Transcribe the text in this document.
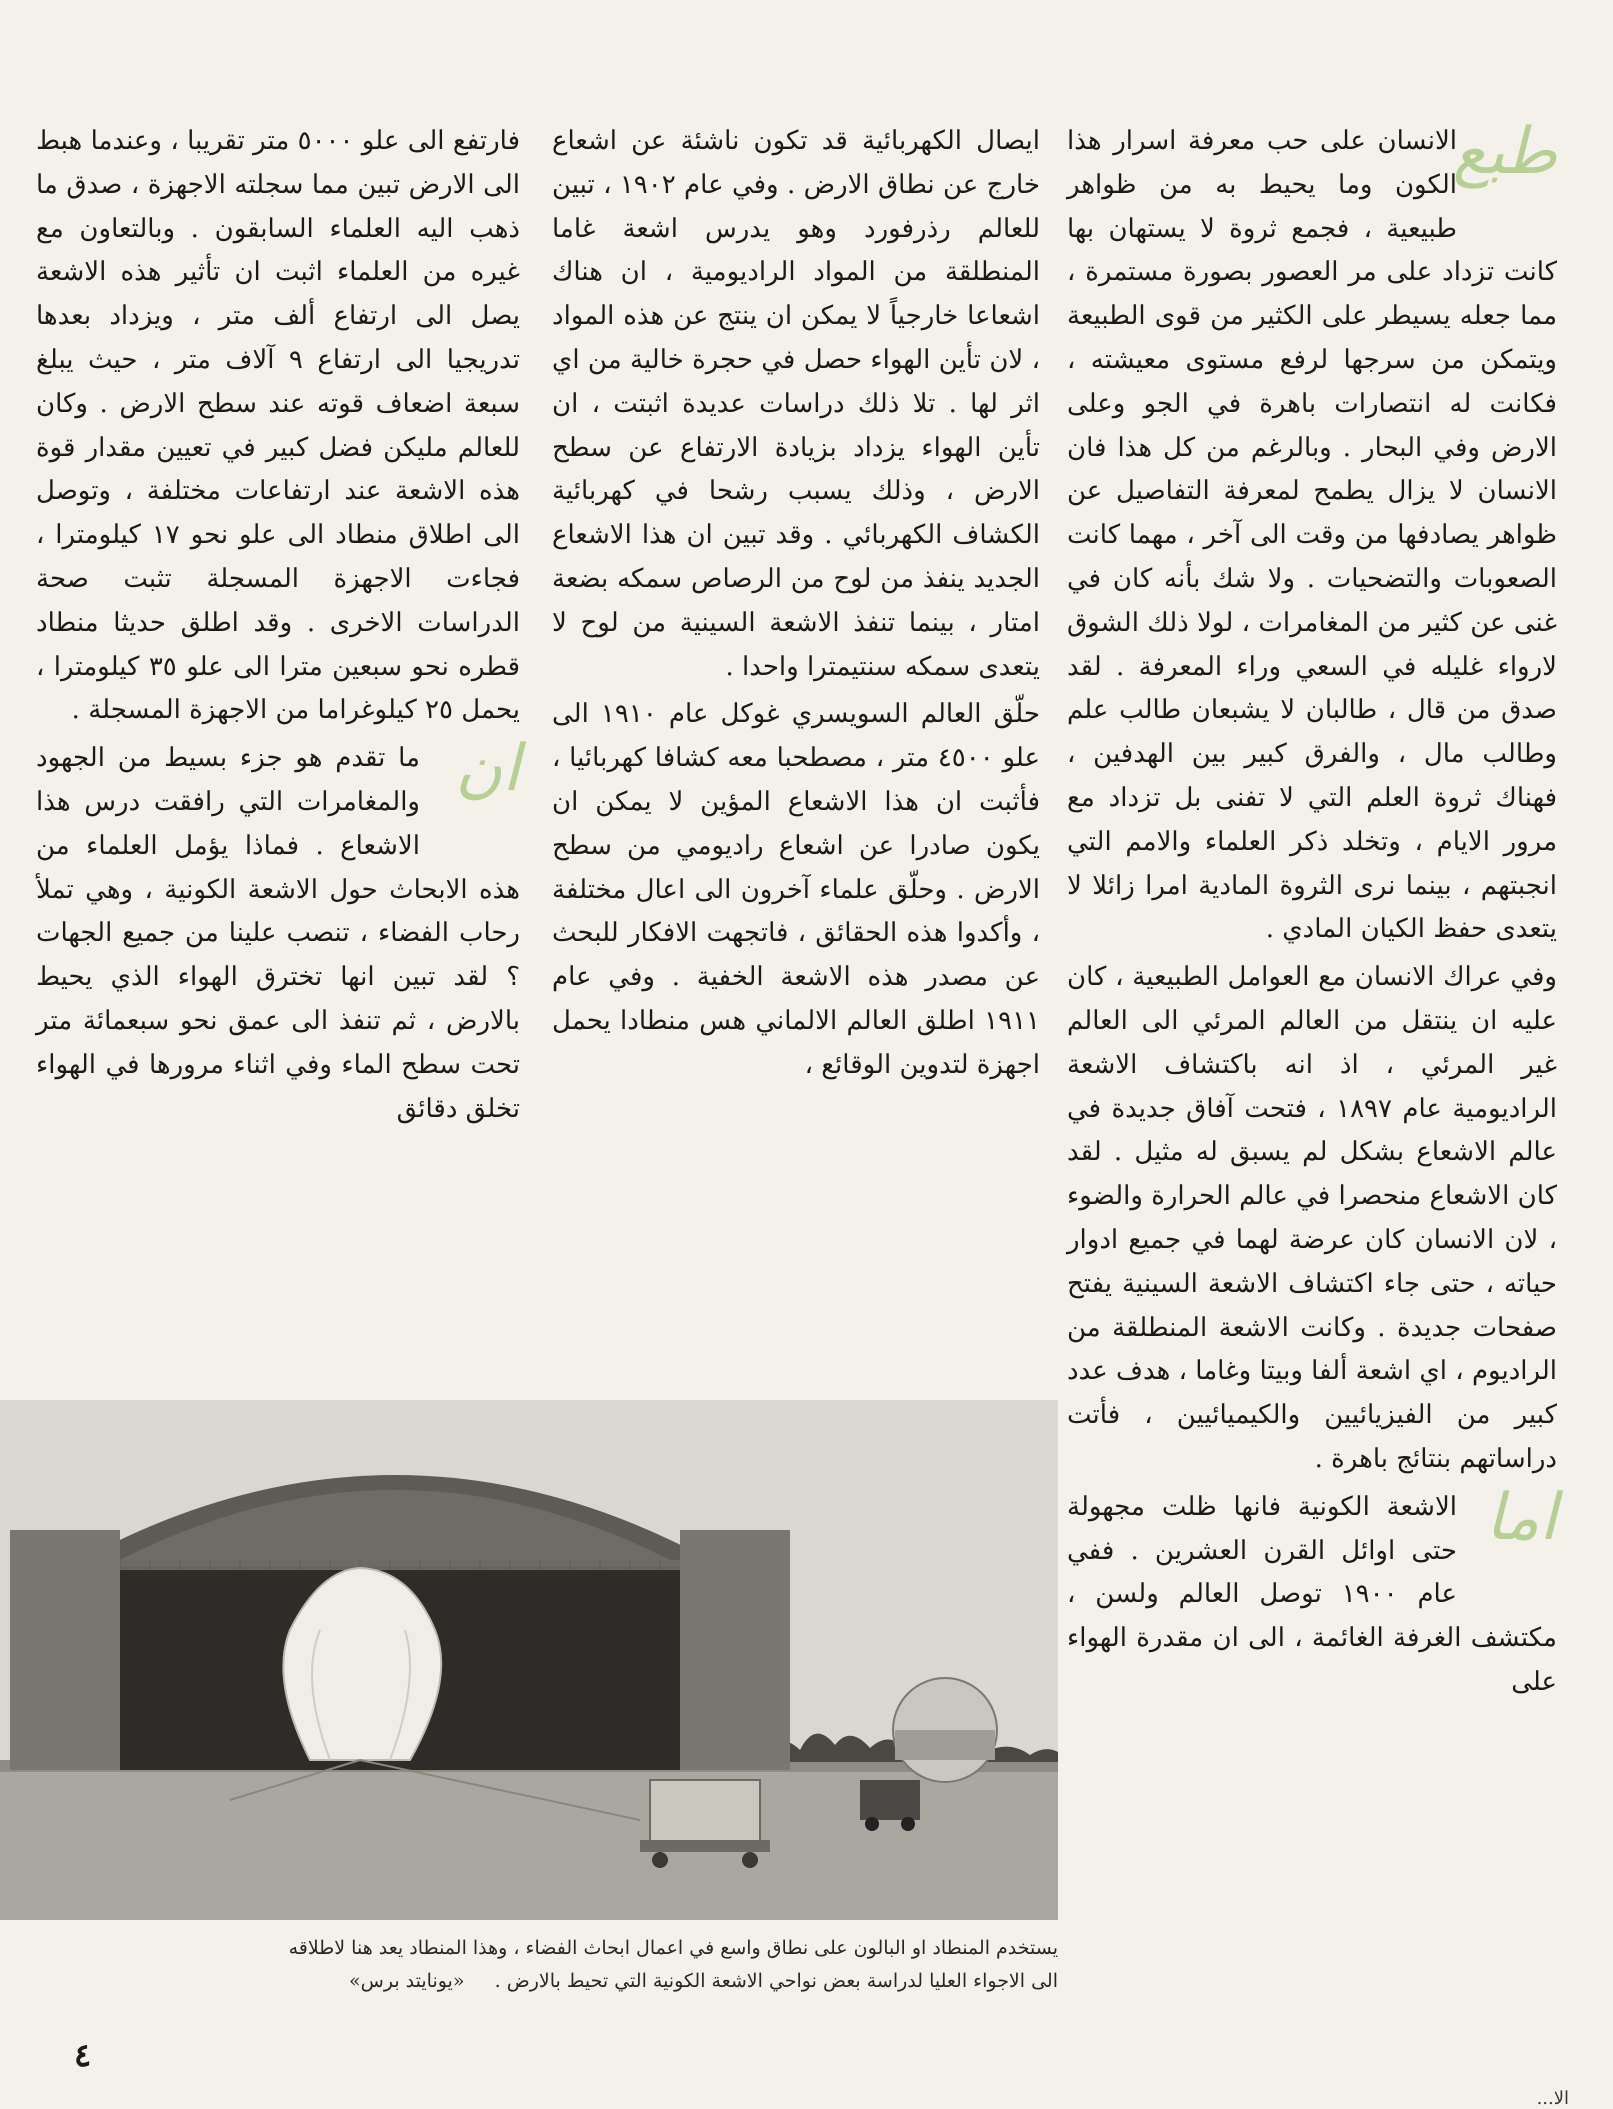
طبع

الانسان على حب معرفة اسرار هذا الكون وما يحيط به من ظواهر طبيعية ، فجمع ثروة لا يستهان بها كانت تزداد على مر العصور بصورة مستمرة ، مما جعله يسيطر على الكثير من قوى الطبيعة ويتمكن من سرجها لرفع مستوى معيشته ، فكانت له انتصارات باهرة في الجو وعلى الارض وفي البحار . وبالرغم من كل هذا فان الانسان لا يزال يطمح لمعرفة التفاصيل عن ظواهر يصادفها من وقت الى آخر ، مهما كانت الصعوبات والتضحيات . ولا شك بأنه كان في غنى عن كثير من المغامرات ، لولا ذلك الشوق لارواء غليله في السعي وراء المعرفة . لقد صدق من قال ، طالبان لا يشبعان طالب علم وطالب مال ، والفرق كبير بين الهدفين ، فهناك ثروة العلم التي لا تفنى بل تزداد مع مرور الايام ، وتخلد ذكر العلماء والامم التي انجبتهم ، بينما نرى الثروة المادية امرا زائلا لا يتعدى حفظ الكيان المادي .

وفي عراك الانسان مع العوامل الطبيعية ، كان عليه ان ينتقل من العالم المرئي الى العالم غير المرئي ، اذ انه باكتشاف الاشعة الراديومية عام ١٨٩٧ ، فتحت آفاق جديدة في عالم الاشعاع بشكل لم يسبق له مثيل . لقد كان الاشعاع منحصرا في عالم الحرارة والضوء ، لان الانسان كان عرضة لهما في جميع ادوار حياته ، حتى جاء اكتشاف الاشعة السينية يفتح صفحات جديدة . وكانت الاشعة المنطلقة من الراديوم ، اي اشعة ألفا وبيتا وغاما ، هدف عدد كبير من الفيزيائيين والكيميائيين ، فأتت دراساتهم بنتائج باهرة .

اما

الاشعة الكونية فانها ظلت مجهولة حتى اوائل القرن العشرين . ففي عام ١٩٠٠ توصل العالم ولسن ، مكتشف الغرفة الغائمة ، الى ان مقدرة الهواء على

ايصال الكهربائية قد تكون ناشئة عن اشعاع خارج عن نطاق الارض . وفي عام ١٩٠٢ ، تبين للعالم رذرفورد وهو يدرس اشعة غاما المنطلقة من المواد الراديومية ، ان هناك اشعاعا خارجياً لا يمكن ان ينتج عن هذه المواد ، لان تأين الهواء حصل في حجرة خالية من اي اثر لها . تلا ذلك دراسات عديدة اثبتت ، ان تأين الهواء يزداد بزيادة الارتفاع عن سطح الارض ، وذلك يسبب رشحا في كهربائية الكشاف الكهربائي . وقد تبين ان هذا الاشعاع الجديد ينفذ من لوح من الرصاص سمكه بضعة امتار ، بينما تنفذ الاشعة السينية من لوح لا يتعدى سمكه سنتيمترا واحدا .

حلّق العالم السويسري غوكل عام ١٩١٠ الى علو ٤٥٠٠ متر ، مصطحبا معه كشافا كهربائيا ، فأثبت ان هذا الاشعاع المؤين لا يمكن ان يكون صادرا عن اشعاع راديومي من سطح الارض . وحلّق علماء آخرون الى اعال مختلفة ، وأكدوا هذه الحقائق ، فاتجهت الافكار للبحث عن مصدر هذه الاشعة الخفية . وفي عام ١٩١١ اطلق العالم الالماني هس منطادا يحمل اجهزة لتدوين الوقائع ،

فارتفع الى علو ٥٠٠٠ متر تقريبا ، وعندما هبط الى الارض تبين مما سجلته الاجهزة ، صدق ما ذهب اليه العلماء السابقون . وبالتعاون مع غيره من العلماء اثبت ان تأثير هذه الاشعة يصل الى ارتفاع ألف متر ، ويزداد بعدها تدريجيا الى ارتفاع ٩ آلاف متر ، حيث يبلغ سبعة اضعاف قوته عند سطح الارض . وكان للعالم مليكن فضل كبير في تعيين مقدار قوة هذه الاشعة عند ارتفاعات مختلفة ، وتوصل الى اطلاق منطاد الى علو نحو ١٧ كيلومترا ، فجاءت الاجهزة المسجلة تثبت صحة الدراسات الاخرى . وقد اطلق حديثا منطاد قطره نحو سبعين مترا الى علو ٣٥ كيلومترا ، يحمل ٢٥ كيلوغراما من الاجهزة المسجلة .

ان

ما تقدم هو جزء بسيط من الجهود والمغامرات التي رافقت درس هذا الاشعاع . فماذا يؤمل العلماء من هذه الابحاث حول الاشعة الكونية ، وهي تملأ رحاب الفضاء ، تنصب علينا من جميع الجهات ؟ لقد تبين انها تخترق الهواء الذي يحيط بالارض ، ثم تنفذ الى عمق نحو سبعمائة متر تحت سطح الماء وفي اثناء مرورها في الهواء تخلق دقائق

يستخدم المنطاد او البالون على نطاق واسع في اعمال ابحاث الفضاء ، وهذا المنطاد يعد هنا لاطلاقه
الى الاجواء العليا لدراسة بعض نواحي الاشعة الكونية التي تحيط بالارض .     «يونايتد برس»
٤
الا...
